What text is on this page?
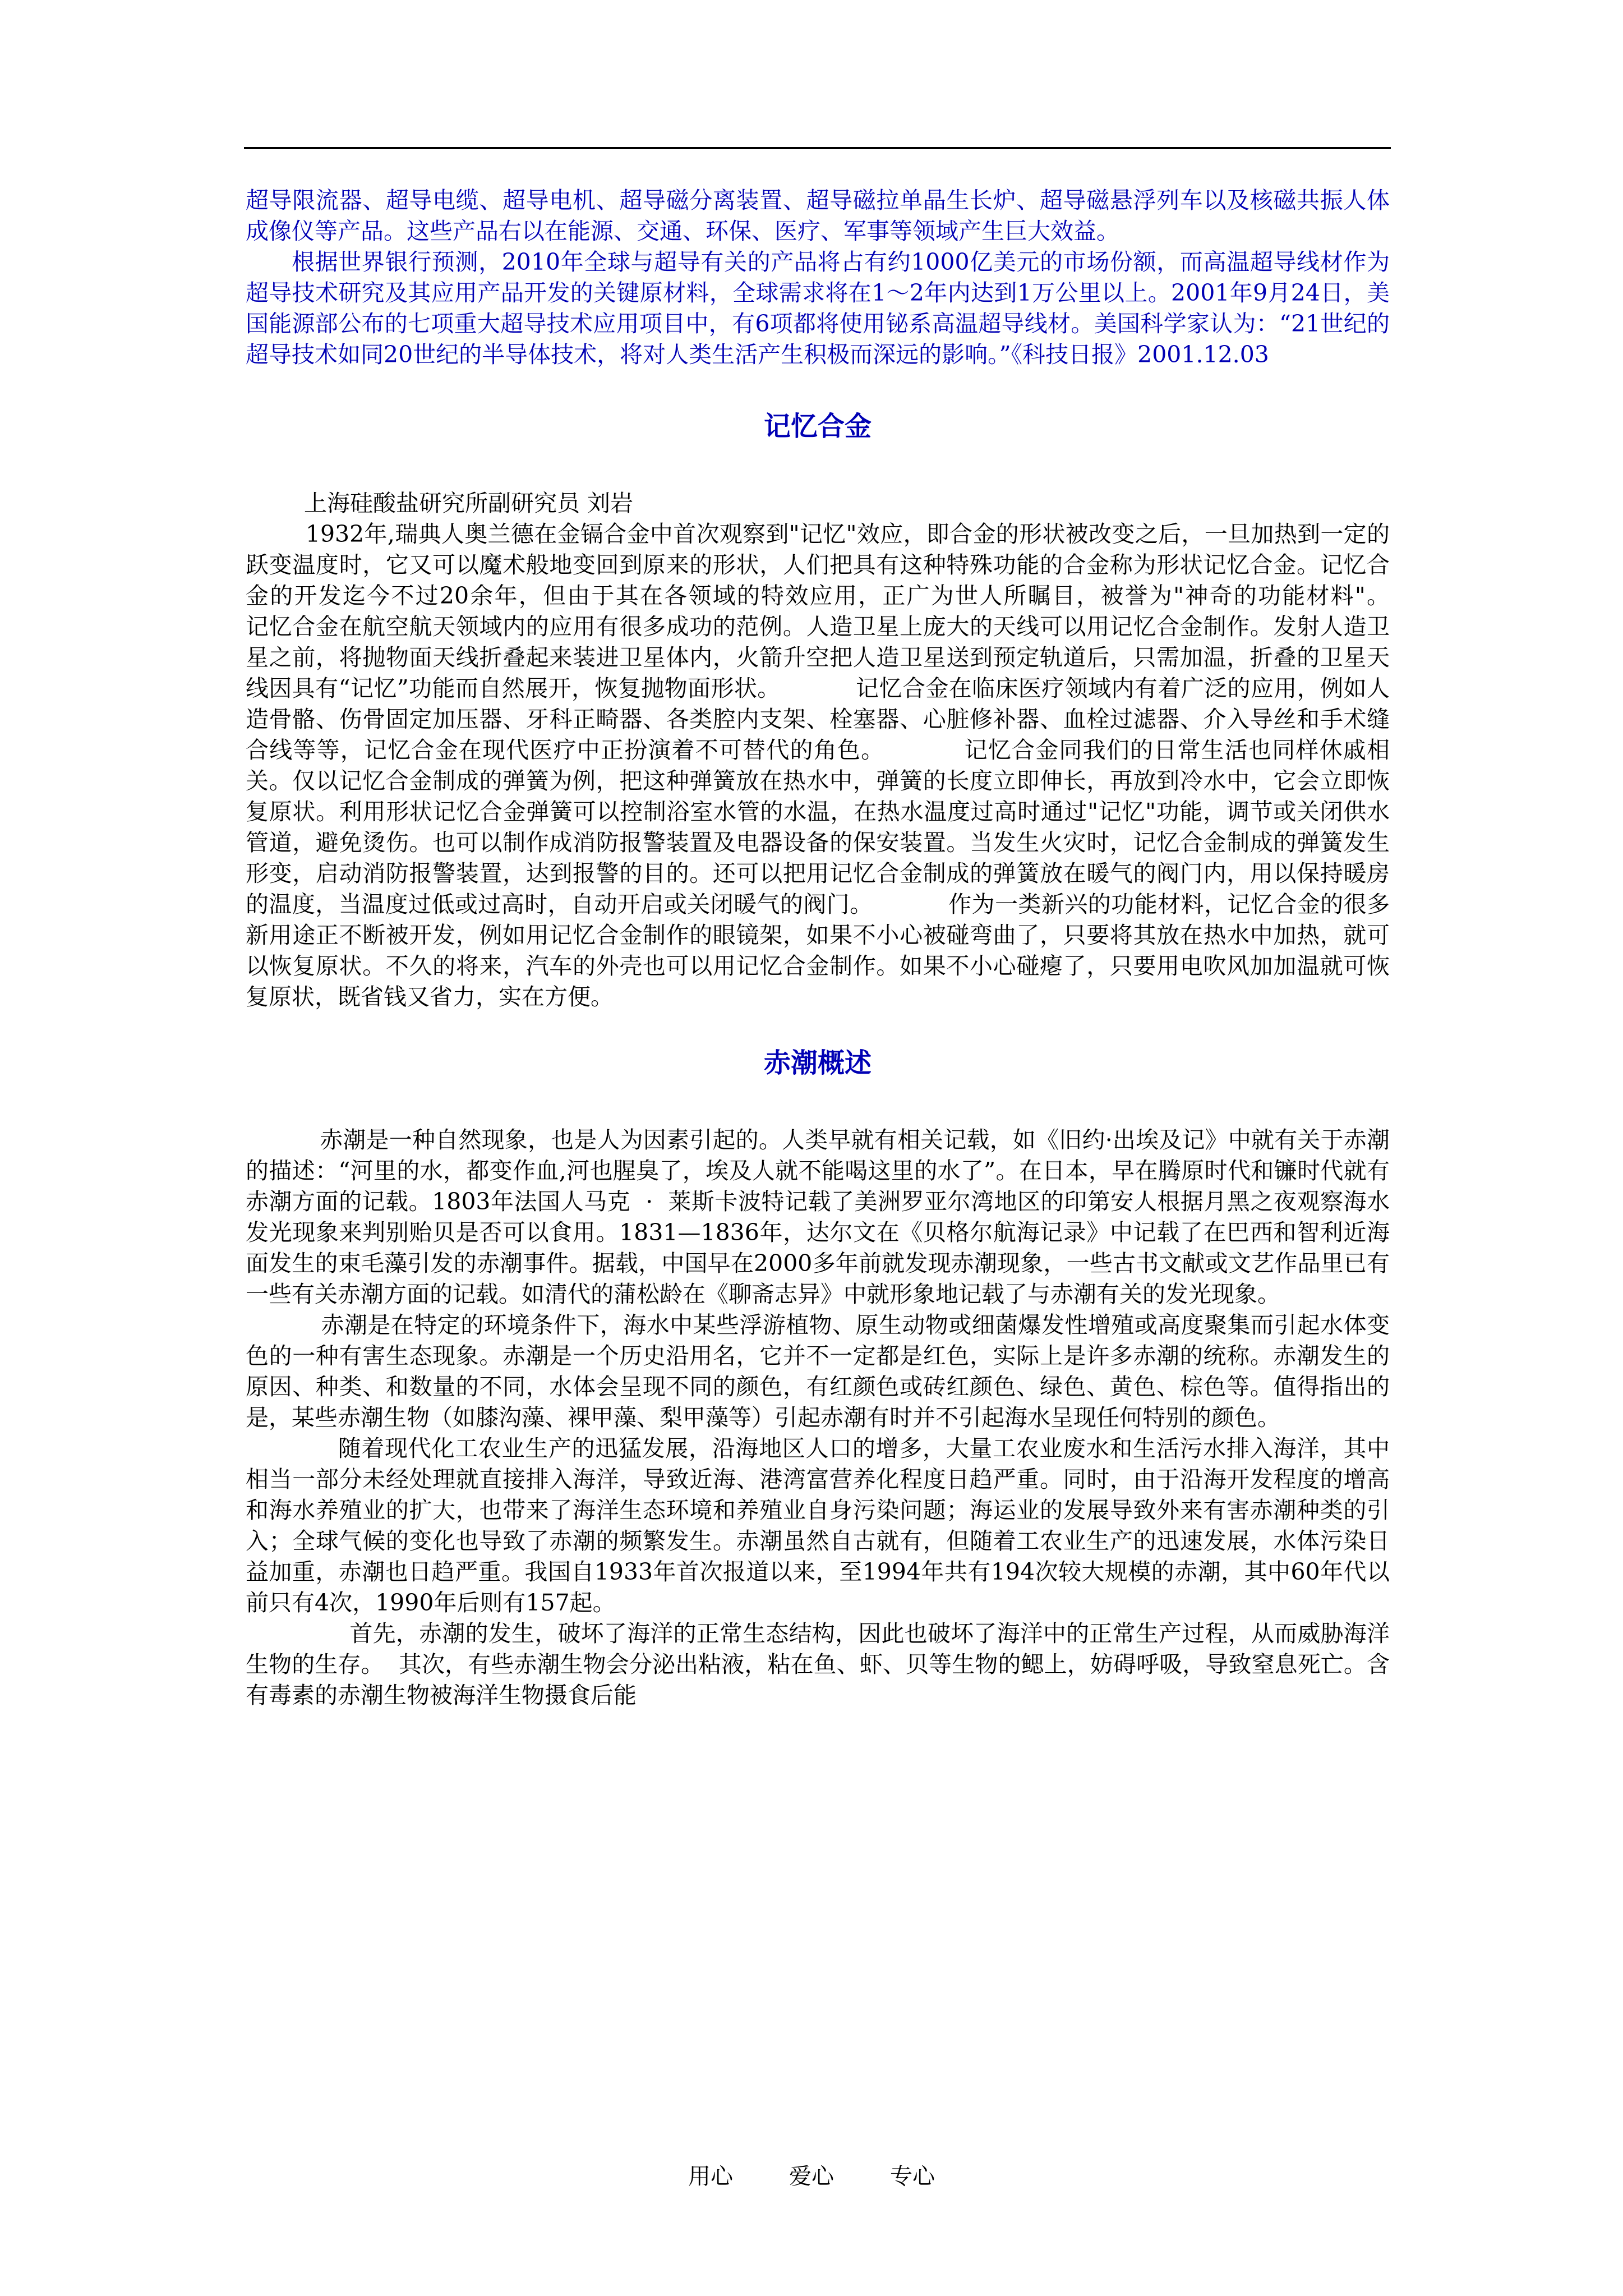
超导限流器、超导电缆、超导电机、超导磁分离装置、超导磁拉单晶生长炉、超导磁悬浮列车以及核磁共振人体成像仪等产品。这些产品右以在能源、交通、环保、医疗、军事等领域产生巨大效益。

根据世界银行预测，2010年全球与超导有关的产品将占有约1000亿美元的市场份额，而高温超导线材作为超导技术研究及其应用产品开发的关键原材料，全球需求将在1～2年内达到1万公里以上。2001年9月24日，美国能源部公布的七项重大超导技术应用项目中，有6项都将使用铋系高温超导线材。美国科学家认为：“21世纪的超导技术如同20世纪的半导体技术，将对人类生活产生积极而深远的影响。”《科技日报》2001.12.03

记忆合金

上海硅酸盐研究所副研究员 刘岩

1932年,瑞典人奥兰德在金镉合金中首次观察到"记忆"效应，即合金的形状被改变之后，一旦加热到一定的跃变温度时，它又可以魔术般地变回到原来的形状，人们把具有这种特殊功能的合金称为形状记忆合金。记忆合金的开发迄今不过20余年，但由于其在各领域的特效应用，正广为世人所瞩目，被誉为"神奇的功能材料"。          记忆合金在航空航天领域内的应用有很多成功的范例。人造卫星上庞大的天线可以用记忆合金制作。发射人造卫星之前，将抛物面天线折叠起来装进卫星体内，火箭升空把人造卫星送到预定轨道后，只需加温，折叠的卫星天线因具有“记忆”功能而自然展开，恢复抛物面形状。          记忆合金在临床医疗领域内有着广泛的应用，例如人造骨骼、伤骨固定加压器、牙科正畸器、各类腔内支架、栓塞器、心脏修补器、血栓过滤器、介入导丝和手术缝合线等等，记忆合金在现代医疗中正扮演着不可替代的角色。          记忆合金同我们的日常生活也同样休戚相关。仅以记忆合金制成的弹簧为例，把这种弹簧放在热水中，弹簧的长度立即伸长，再放到冷水中，它会立即恢复原状。利用形状记忆合金弹簧可以控制浴室水管的水温，在热水温度过高时通过"记忆"功能，调节或关闭供水管道，避免烫伤。也可以制作成消防报警装置及电器设备的保安装置。当发生火灾时，记忆合金制成的弹簧发生形变，启动消防报警装置，达到报警的目的。还可以把用记忆合金制成的弹簧放在暖气的阀门内，用以保持暖房的温度，当温度过低或过高时，自动开启或关闭暖气的阀门。          作为一类新兴的功能材料，记忆合金的很多新用途正不断被开发，例如用记忆合金制作的眼镜架，如果不小心被碰弯曲了，只要将其放在热水中加热，就可以恢复原状。不久的将来，汽车的外壳也可以用记忆合金制作。如果不小心碰瘪了，只要用电吹风加加温就可恢复原状，既省钱又省力，实在方便。

赤潮概述

赤潮是一种自然现象，也是人为因素引起的。人类早就有相关记载，如《旧约·出埃及记》中就有关于赤潮的描述：“河里的水，都变作血,河也腥臭了，埃及人就不能喝这里的水了”。在日本，早在腾原时代和镰时代就有赤潮方面的记载。1803年法国人马克  ·  莱斯卡波特记载了美洲罗亚尔湾地区的印第安人根据月黑之夜观察海水发光现象来判别贻贝是否可以食用。1831—1836年，达尔文在《贝格尔航海记录》中记载了在巴西和智利近海面发生的束毛藻引发的赤潮事件。据载，中国早在2000多年前就发现赤潮现象，一些古书文献或文艺作品里已有一些有关赤潮方面的记载。如清代的蒲松龄在《聊斋志异》中就形象地记载了与赤潮有关的发光现象。

赤潮是在特定的环境条件下，海水中某些浮游植物、原生动物或细菌爆发性增殖或高度聚集而引起水体变色的一种有害生态现象。赤潮是一个历史沿用名，它并不一定都是红色，实际上是许多赤潮的统称。赤潮发生的原因、种类、和数量的不同，水体会呈现不同的颜色，有红颜色或砖红颜色、绿色、黄色、棕色等。值得指出的是，某些赤潮生物（如膝沟藻、裸甲藻、梨甲藻等）引起赤潮有时并不引起海水呈现任何特别的颜色。

随着现代化工农业生产的迅猛发展，沿海地区人口的增多，大量工农业废水和生活污水排入海洋，其中相当一部分未经处理就直接排入海洋，导致近海、港湾富营养化程度日趋严重。同时，由于沿海开发程度的增高和海水养殖业的扩大，也带来了海洋生态环境和养殖业自身污染问题；海运业的发展导致外来有害赤潮种类的引入；全球气候的变化也导致了赤潮的频繁发生。赤潮虽然自古就有，但随着工农业生产的迅速发展，水体污染日益加重，赤潮也日趋严重。我国自1933年首次报道以来，至1994年共有194次较大规模的赤潮，其中60年代以前只有4次，1990年后则有157起。

首先，赤潮的发生，破坏了海洋的正常生态结构，因此也破坏了海洋中的正常生产过程，从而威胁海洋生物的生存。  其次，有些赤潮生物会分泌出粘液，粘在鱼、虾、贝等生物的鳃上，妨碍呼吸，导致窒息死亡。含有毒素的赤潮生物被海洋生物摄食后能

用心	爱心	专心
